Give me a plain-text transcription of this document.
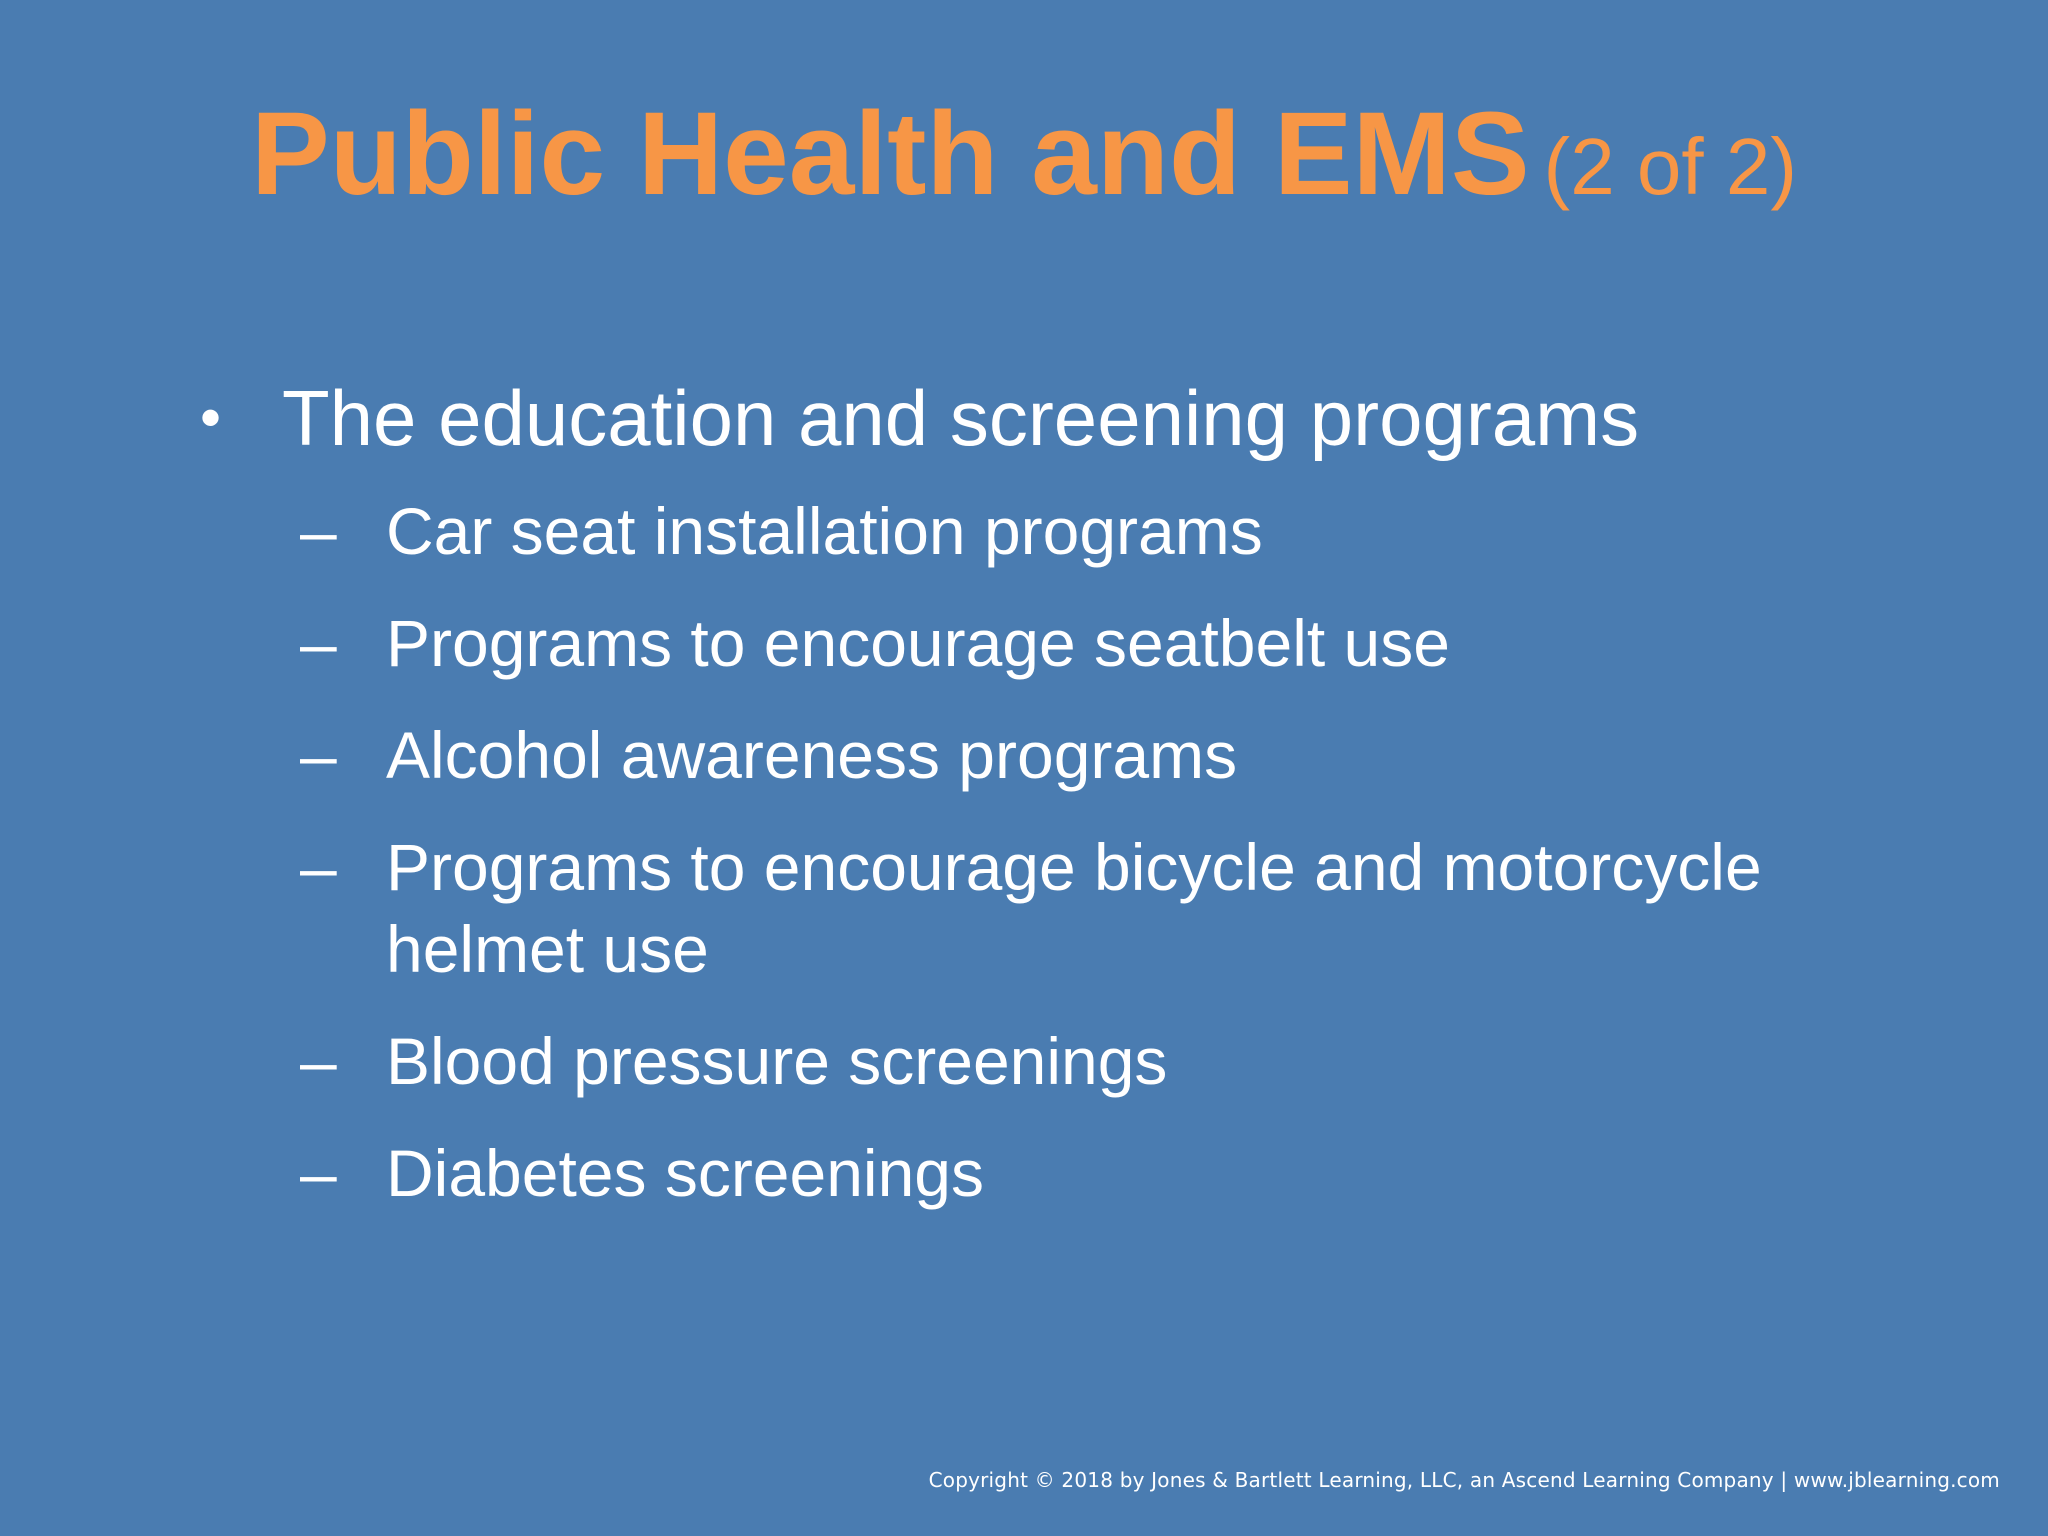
Public Health and EMS (2 of 2)
• The education and screening programs
– Car seat installation programs
– Programs to encourage seatbelt use
– Alcohol awareness programs
– Programs to encourage bicycle and motorcycle helmet use
– Blood pressure screenings
– Diabetes screenings
Copyright © 2018 by Jones & Bartlett Learning, LLC, an Ascend Learning Company | www.jblearning.com
